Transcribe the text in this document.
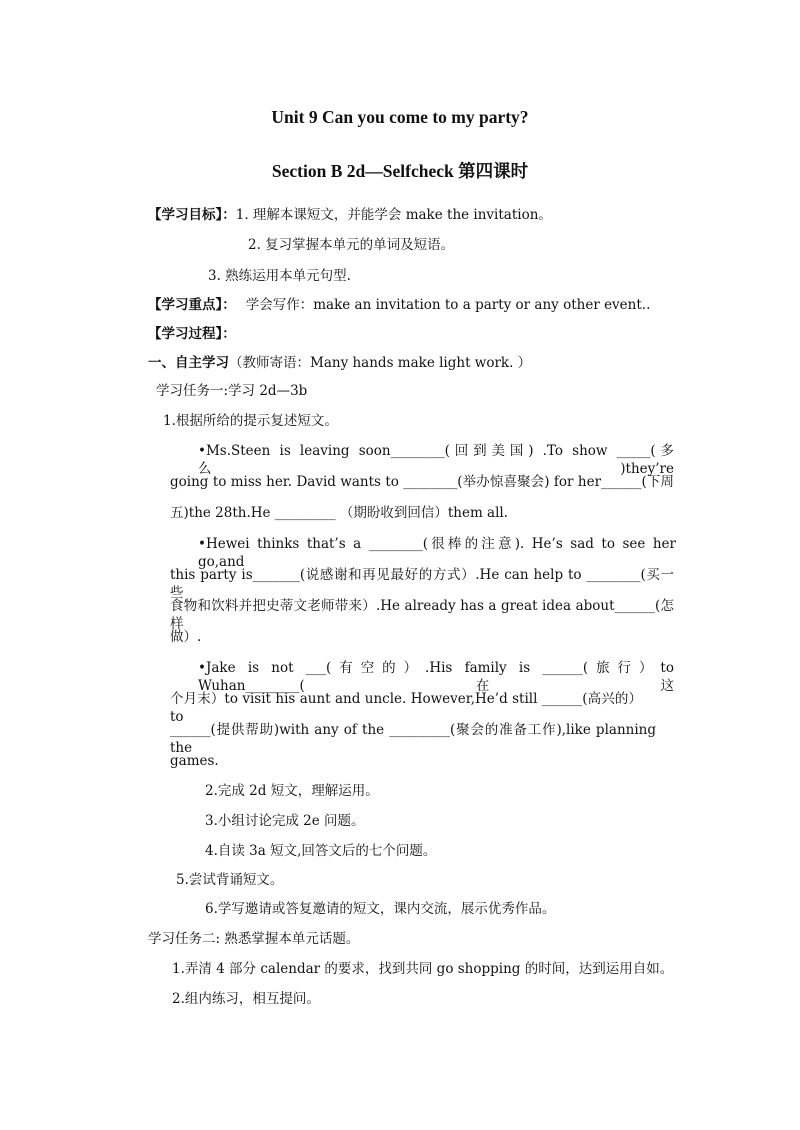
Unit 9 Can you come to my party?
Section B 2d—Selfcheck 第四课时
【学习目标】：1. 理解本课短文，并能学会 make the invitation。
2. 复习掌握本单元的单词及短语。
3. 熟练运用本单元句型.
【学习重点】： 学会写作：make an invitation to a party or any other event..
【学习过程】：
一、自主学习（教师寄语：Many hands make light work. ）
学习任务一:学习 2d—3b
1.根据所给的提示复述短文。
•Ms.Steen is leaving soon________(回到美国) .To show _____(多么)they’re
going to miss her. David wants to ________(举办惊喜聚会) for her______(下周
五)the 28th.He _________ （期盼收到回信）them all.
•Hewei thinks that’s a ________(很棒的注意). He’s sad to see her go,and
this party is_______(说感谢和再见最好的方式）.He can help to ________(买一些
食物和饮料并把史蒂文老师带来）.He already has a great idea about______(怎样
做）.
•Jake is not ___(有空的）.His family is ______(旅行）to Wuhan________(在这
个月末）to visit his aunt and uncle. However,He’d still ______(高兴的）to
______(提供帮助)with any of the _________(聚会的准备工作),like planning the
games.
2.完成 2d 短文，理解运用。
3.小组讨论完成 2e 问题。
4.自读 3a 短文,回答文后的七个问题。
5.尝试背诵短文。
6.学写邀请或答复邀请的短文，课内交流，展示优秀作品。
学习任务二: 熟悉掌握本单元话题。
1.弄清 4 部分 calendar 的要求，找到共同 go shopping 的时间，达到运用自如。
2.组内练习，相互提问。
